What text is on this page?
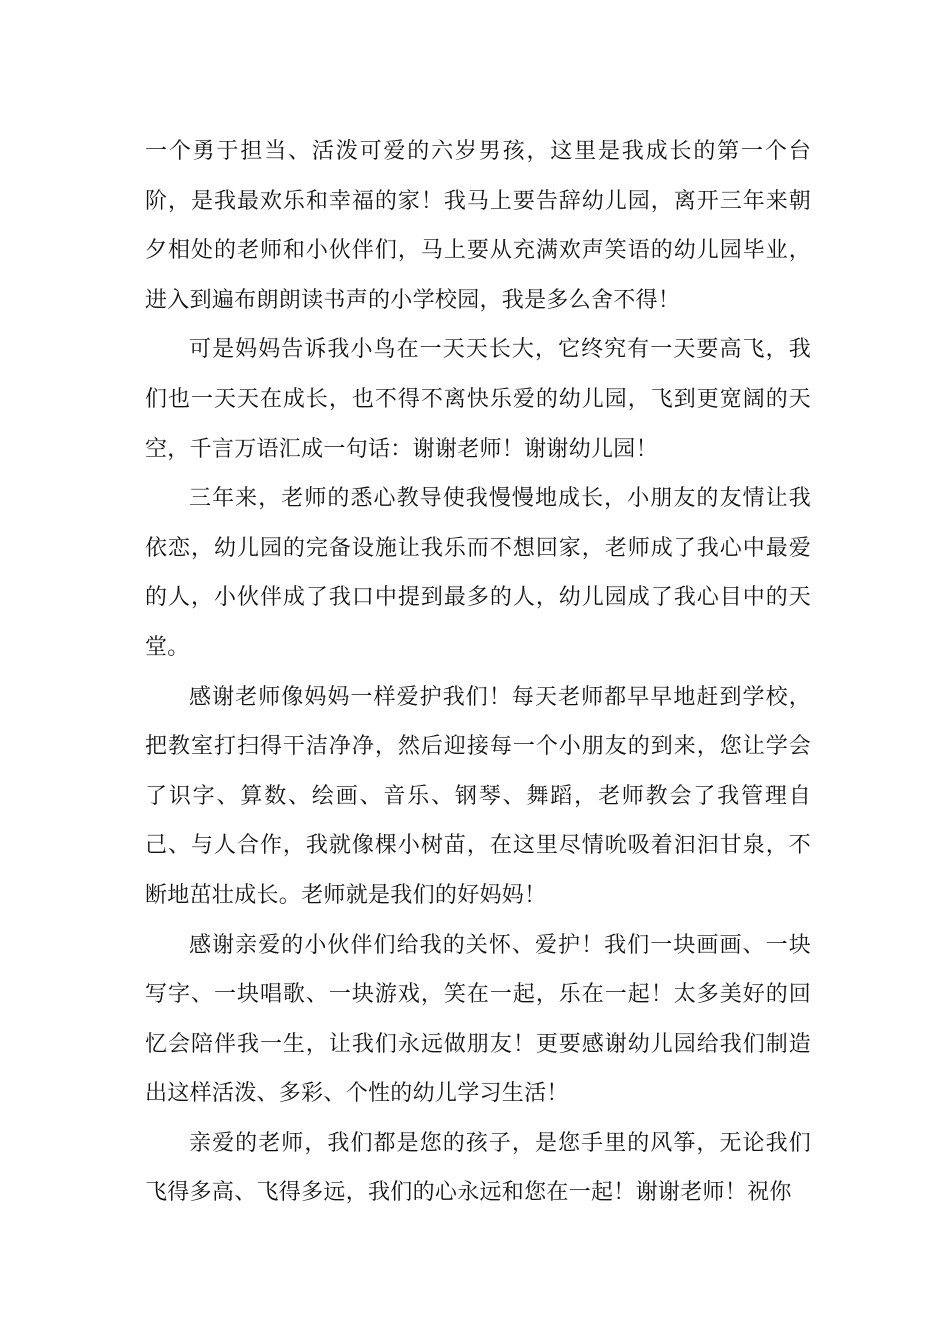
一个勇于担当、活泼可爱的六岁男孩，这里是我成长的第一个台阶，是我最欢乐和幸福的家！我马上要告辞幼儿园，离开三年来朝夕相处的老师和小伙伴们，马上要从充满欢声笑语的幼儿园毕业，进入到遍布朗朗读书声的小学校园，我是多么舍不得！

可是妈妈告诉我小鸟在一天天长大，它终究有一天要高飞，我们也一天天在成长，也不得不离快乐爱的幼儿园，飞到更宽阔的天空，千言万语汇成一句话：谢谢老师！谢谢幼儿园！

三年来，老师的悉心教导使我慢慢地成长，小朋友的友情让我依恋，幼儿园的完备设施让我乐而不想回家，老师成了我心中最爱的人，小伙伴成了我口中提到最多的人，幼儿园成了我心目中的天堂。

感谢老师像妈妈一样爱护我们！每天老师都早早地赶到学校，把教室打扫得干洁净净，然后迎接每一个小朋友的到来，您让学会了识字、算数、绘画、音乐、钢琴、舞蹈，老师教会了我管理自己、与人合作，我就像棵小树苗，在这里尽情吮吸着汩汩甘泉，不断地茁壮成长。老师就是我们的好妈妈！

感谢亲爱的小伙伴们给我的关怀、爱护！我们一块画画、一块写字、一块唱歌、一块游戏，笑在一起，乐在一起！太多美好的回忆会陪伴我一生，让我们永远做朋友！更要感谢幼儿园给我们制造出这样活泼、多彩、个性的幼儿学习生活！

亲爱的老师，我们都是您的孩子，是您手里的风筝，无论我们飞得多高、飞得多远，我们的心永远和您在一起！谢谢老师！祝你
